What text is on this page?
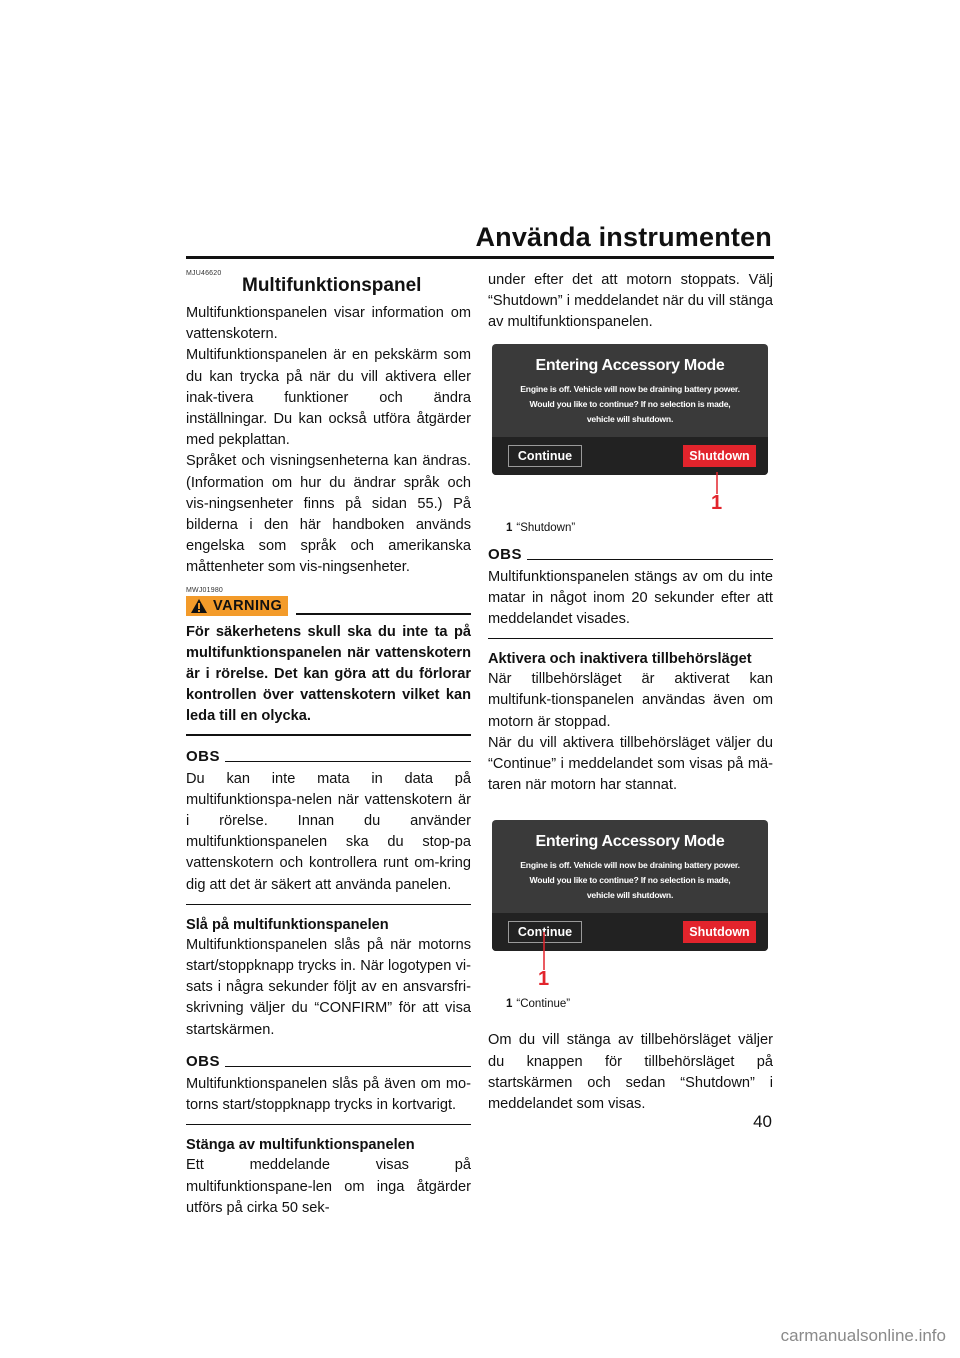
Använda instrumenten
MJU46620
Multifunktionspanel

Multifunktionspanelen visar information om vattenskotern.

Multifunktionspanelen är en pekskärm som du kan trycka på när du vill aktivera eller inak-tivera funktioner och ändra inställningar. Du kan också utföra åtgärder med pekplattan.

Språket och visningsenheterna kan ändras. (Information om hur du ändrar språk och vis-ningsenheter finns på sidan 55.) På bilderna i den här handboken används engelska som språk och amerikanska måttenheter som vis-ningsenheter.

MWJ01980
VARNING

För säkerhetens skull ska du inte ta på multifunktionspanelen när vattenskotern är i rörelse. Det kan göra att du förlorar kontrollen över vattenskotern vilket kan leda till en olycka.

OBS

Du kan inte mata in data på multifunktionspa-nelen när vattenskotern är i rörelse. Innan du använder multifunktionspanelen ska du stop-pa vattenskotern och kontrollera runt om-kring dig att det är säkert att använda panelen.

Slå på multifunktionspanelen

Multifunktionspanelen slås på när motorns start/stoppknapp trycks in. När logotypen vi-sats i några sekunder följt av en ansvarsfri-skrivning väljer du “CONFIRM” för att visa startskärmen.

OBS

Multifunktionspanelen slås på även om mo-torns start/stoppknapp trycks in kortvarigt.

Stänga av multifunktionspanelen

Ett meddelande visas på multifunktionspane-len om inga åtgärder utförs på cirka 50 sek-

under efter det att motorn stoppats. Välj “Shutdown” i meddelandet när du vill stänga av multifunktionspanelen.

Entering Accessory Mode
Engine is off. Vehicle will now be draining battery power.
Would you like to continue? If no selection is made,
vehicle will shutdown.
Continue	Shutdown
1
1 “Shutdown”
OBS

Multifunktionspanelen stängs av om du inte matar in något inom 20 sekunder efter att meddelandet visades.

Aktivera och inaktivera tillbehörsläget

När tillbehörsläget är aktiverat kan multifunk-tionspanelen användas även om motorn är stoppad.

När du vill aktivera tillbehörsläget väljer du “Continue” i meddelandet som visas på mä-taren när motorn har stannat.

Entering Accessory Mode
Engine is off. Vehicle will now be draining battery power.
Would you like to continue? If no selection is made,
vehicle will shutdown.
Continue	Shutdown
1
1 “Continue”

Om du vill stänga av tillbehörsläget väljer du knappen för tillbehörsläget på startskärmen och sedan “Shutdown” i meddelandet som visas.

40
carmanualsonline.info
